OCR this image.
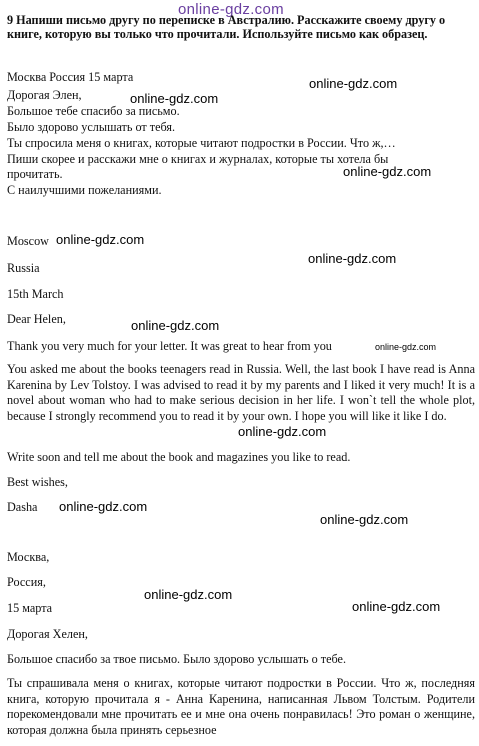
online-gdz.com
9 Напиши письмо другу по переписке в Австралию. Расскажите своему другу о книге, которую вы только что прочитали. Используйте письмо как образец.
Москва Россия 15 марта
Дорогая Элен,
Большое тебе спасибо за письмо.
Было здорово услышать от тебя.
Ты спросила меня о книгах, которые читают подростки в России. Что ж,…
Пиши скорее и расскажи мне о книгах и журналах, которые ты хотела бы
прочитать.
С наилучшими пожеланиями.
Moscow
Russia
15th March
Dear Helen,
Thank you very much for your letter. It was great to hear from you
You asked me about the books teenagers read in Russia. Well, the last book I have read is Anna Karenina by Lev Tolstoy. I was advised to read it by my parents and I liked it very much! It is a novel about woman who had to make serious decision in her life. I won`t tell the whole plot, because I strongly recommend you to read it by your own. I hope you will like it like I do.
Write soon and tell me about the book and magazines you like to read.
Best wishes,
Dasha
Москва,
Россия,
15 марта
Дорогая Хелен,
Большое спасибо за твое письмо. Было здорово услышать о тебе.
Ты спрашивала меня о книгах, которые читают подростки в России. Что ж, последняя книга, которую прочитала я - Анна Каренина, написанная Львом Толстым. Родители порекомендовали мне прочитать ее и мне она очень понравилась! Это роман о женщине, которая должна была принять серьезное
online-gdz.com
online-gdz.com
online-gdz.com
online-gdz.com
online-gdz.com
online-gdz.com
online-gdz.com
online-gdz.com
online-gdz.com
online-gdz.com
online-gdz.com
online-gdz.com
